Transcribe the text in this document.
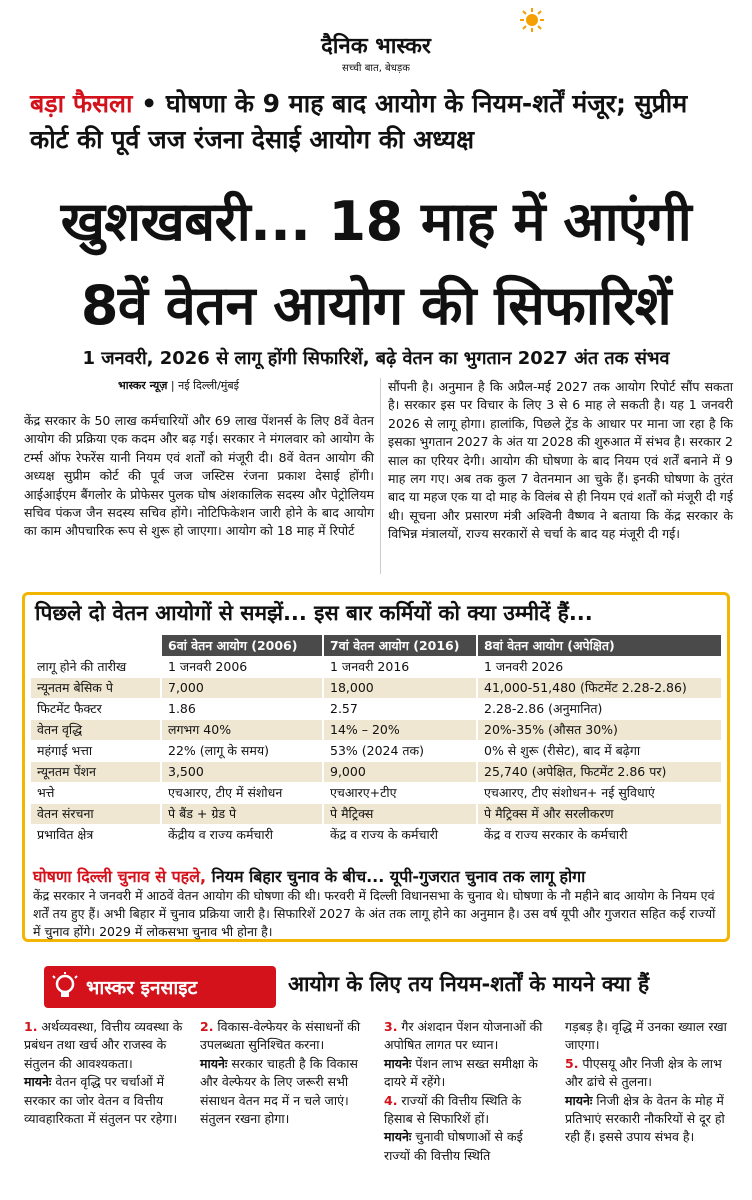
दैनिक भास्कर
सच्ची बात, बेधड़क
बड़ा फैसला • घोषणा के 9 माह बाद आयोग के नियम-शर्तें मंजूर; सुप्रीम कोर्ट की पूर्व जज रंजना देसाई आयोग की अध्यक्ष
खुशखबरी... 18 माह में आएंगी
8वें वेतन आयोग की सिफारिशें
1 जनवरी, 2026 से लागू होंगी सिफारिशें, बढ़े वेतन का भुगतान 2027 अंत तक संभव
भास्कर न्यूज़ | नई दिल्ली/मुंबई
केंद्र सरकार के 50 लाख कर्मचारियों और 69 लाख पेंशनर्स के लिए 8वें वेतन आयोग की प्रक्रिया एक कदम और बढ़ गई। सरकार ने मंगलवार को आयोग के टर्म्स ऑफ रेफरेंस यानी नियम एवं शर्तों को मंजूरी दी। 8वें वेतन आयोग की अध्यक्ष सुप्रीम कोर्ट की पूर्व जज जस्टिस रंजना प्रकाश देसाई होंगी। आईआईएम बैंगलोर के प्रोफेसर पुलक घोष अंशकालिक सदस्य और पेट्रोलियम सचिव पंकज जैन सदस्य सचिव होंगे। नोटिफिकेशन जारी होने के बाद आयोग का काम औपचारिक रूप से शुरू हो जाएगा। आयोग को 18 माह में रिपोर्ट
सौंपनी है। अनुमान है कि अप्रैल-मई 2027 तक आयोग रिपोर्ट सौंप सकता है। सरकार इस पर विचार के लिए 3 से 6 माह ले सकती है। यह 1 जनवरी 2026 से लागू होगा। हालांकि, पिछले ट्रेंड के आधार पर माना जा रहा है कि इसका भुगतान 2027 के अंत या 2028 की शुरुआत में संभव है। सरकार 2 साल का एरियर देगी। आयोग की घोषणा के बाद नियम एवं शर्तें बनाने में 9 माह लग गए। अब तक कुल 7 वेतनमान आ चुके हैं। इनकी घोषणा के तुरंत बाद या महज एक या दो माह के विलंब से ही नियम एवं शर्तों को मंजूरी दी गई थी। सूचना और प्रसारण मंत्री अश्विनी वैष्णव ने बताया कि केंद्र सरकार के विभिन्न मंत्रालयों, राज्य सरकारों से चर्चा के बाद यह मंजूरी दी गई।
पिछले दो वेतन आयोगों से समझें... इस बार कर्मियों को क्या उम्मीदें हैं...
	6वां वेतन आयोग (2006)	7वां वेतन आयोग (2016)	8वां वेतन आयोग (अपेक्षित)
लागू होने की तारीख	1 जनवरी 2006	1 जनवरी 2016	1 जनवरी 2026
न्यूनतम बेसिक पे	7,000	18,000	41,000-51,480 (फिटमेंट 2.28-2.86)
फिटमेंट फैक्टर	1.86	2.57	2.28-2.86 (अनुमानित)
वेतन वृद्धि	लगभग 40%	14% – 20%	20%-35% (औसत 30%)
महंगाई भत्ता	22% (लागू के समय)	53% (2024 तक)	0% से शुरू (रीसेट), बाद में बढ़ेगा
न्यूनतम पेंशन	3,500	9,000	25,740 (अपेक्षित, फिटमेंट 2.86 पर)
भत्ते	एचआरए, टीए में संशोधन	एचआरए+टीए	एचआरए, टीए संशोधन+ नई सुविधाएं
वेतन संरचना	पे बैंड + ग्रेड पे	पे मैट्रिक्स	पे मैट्रिक्स में और सरलीकरण
प्रभावित क्षेत्र	केंद्रीय व राज्य कर्मचारी	केंद्र व राज्य के कर्मचारी	केंद्र व राज्य सरकार के कर्मचारी
घोषणा दिल्ली चुनाव से पहले, नियम बिहार चुनाव के बीच... यूपी-गुजरात चुनाव तक लागू होगा
केंद्र सरकार ने जनवरी में आठवें वेतन आयोग की घोषणा की थी। फरवरी में दिल्ली विधानसभा के चुनाव थे। घोषणा के नौ महीने बाद आयोग के नियम एवं शर्तें तय हुए हैं। अभी बिहार में चुनाव प्रक्रिया जारी है। सिफारिशें 2027 के अंत तक लागू होने का अनुमान है। उस वर्ष यूपी और गुजरात सहित कई राज्यों में चुनाव होंगे। 2029 में लोकसभा चुनाव भी होना है।
भास्कर इनसाइट	आयोग के लिए तय नियम-शर्तों के मायने क्या हैं
1. अर्थव्यवस्था, वित्तीय व्यवस्था के प्रबंधन तथा खर्च और राजस्व के संतुलन की आवश्यकता।
मायनेः वेतन वृद्धि पर चर्चाओं में सरकार का जोर वेतन व वित्तीय व्यावहारिकता में संतुलन पर रहेगा।
2. विकास-वेल्फेयर के संसाधनों की उपलब्धता सुनिश्चित करना।
मायनेः सरकार चाहती है कि विकास और वेल्फेयर के लिए जरूरी सभी संसाधन वेतन मद में न चले जाएं। संतुलन रखना होगा।
3. गैर अंशदान पेंशन योजनाओं की अपोषित लागत पर ध्यान।
मायनेः पेंशन लाभ सख्त समीक्षा के दायरे में रहेंगे।
4. राज्यों की वित्तीय स्थिति के हिसाब से सिफारिशें हों।
मायनेः चुनावी घोषणाओं से कई राज्यों की वित्तीय स्थिति
गड़बड़ है। वृद्धि में उनका ख्याल रखा जाएगा।
5. पीएसयू और निजी क्षेत्र के लाभ और ढांचे से तुलना।
मायनेः निजी क्षेत्र के वेतन के मोह में प्रतिभाएं सरकारी नौकरियों से दूर हो रही हैं। इससे उपाय संभव है।
